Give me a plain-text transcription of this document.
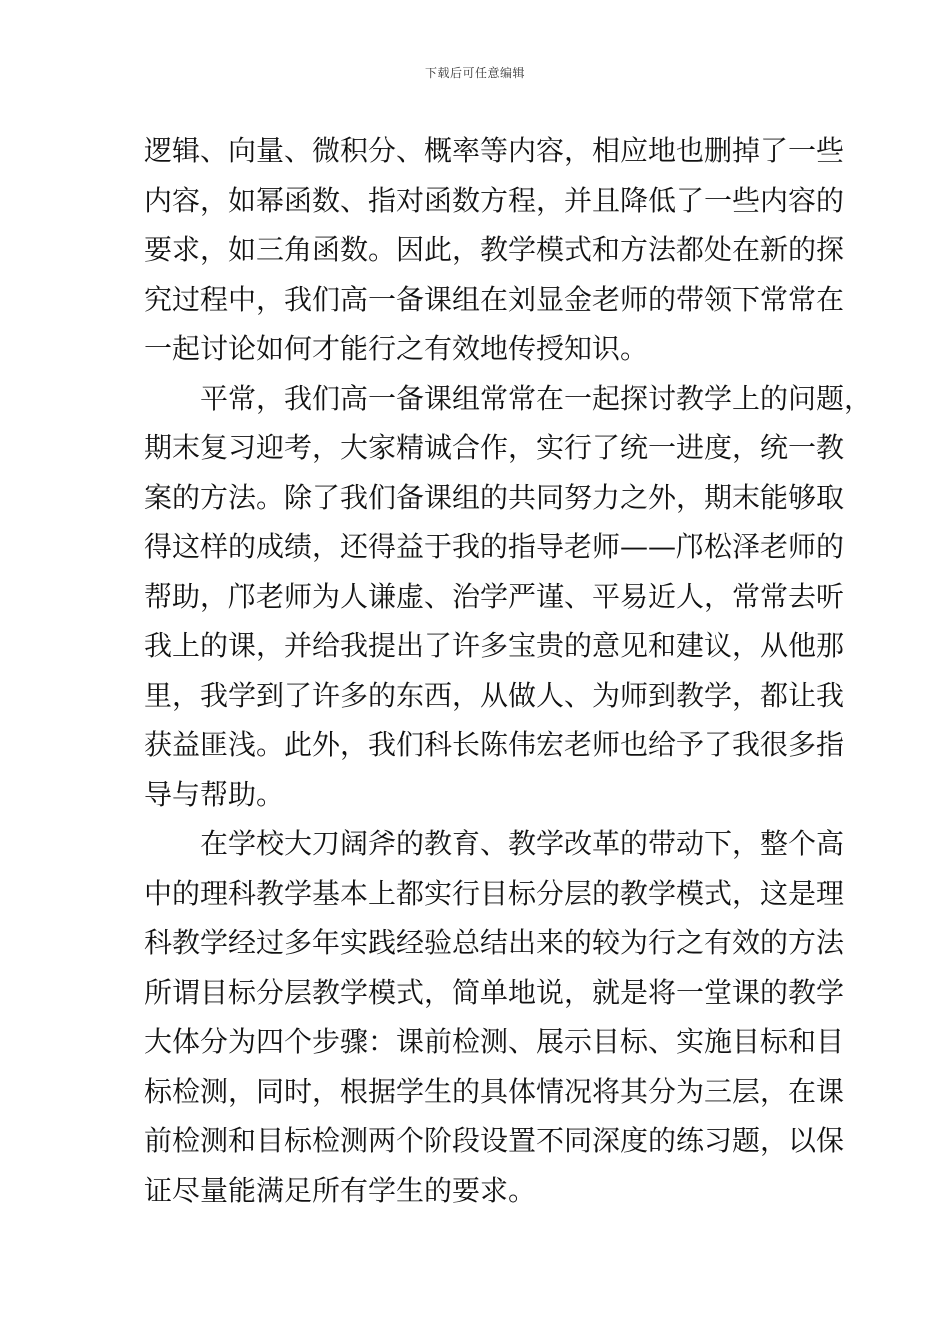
下载后可任意编辑
逻辑、向量、微积分、概率等内容，相应地也删掉了一些
内容，如幂函数、指对函数方程，并且降低了一些内容的
要求，如三角函数。因此，教学模式和方法都处在新的探
究过程中，我们高一备课组在刘显金老师的带领下常常在
一起讨论如何才能行之有效地传授知识。
平常，我们高一备课组常常在一起探讨教学上的问题，
期末复习迎考，大家精诚合作，实行了统一进度，统一教
案的方法。除了我们备课组的共同努力之外，期末能够取
得这样的成绩，还得益于我的指导老师——邝松泽老师的
帮助，邝老师为人谦虚、治学严谨、平易近人，常常去听
我上的课，并给我提出了许多宝贵的意见和建议，从他那
里，我学到了许多的东西，从做人、为师到教学，都让我
获益匪浅。此外，我们科长陈伟宏老师也给予了我很多指
导与帮助。
在学校大刀阔斧的教育、教学改革的带动下，整个高
中的理科教学基本上都实行目标分层的教学模式，这是理
科教学经过多年实践经验总结出来的较为行之有效的方法
所谓目标分层教学模式，简单地说，就是将一堂课的教学
大体分为四个步骤：课前检测、展示目标、实施目标和目
标检测，同时，根据学生的具体情况将其分为三层，在课
前检测和目标检测两个阶段设置不同深度的练习题，以保
证尽量能满足所有学生的要求。
